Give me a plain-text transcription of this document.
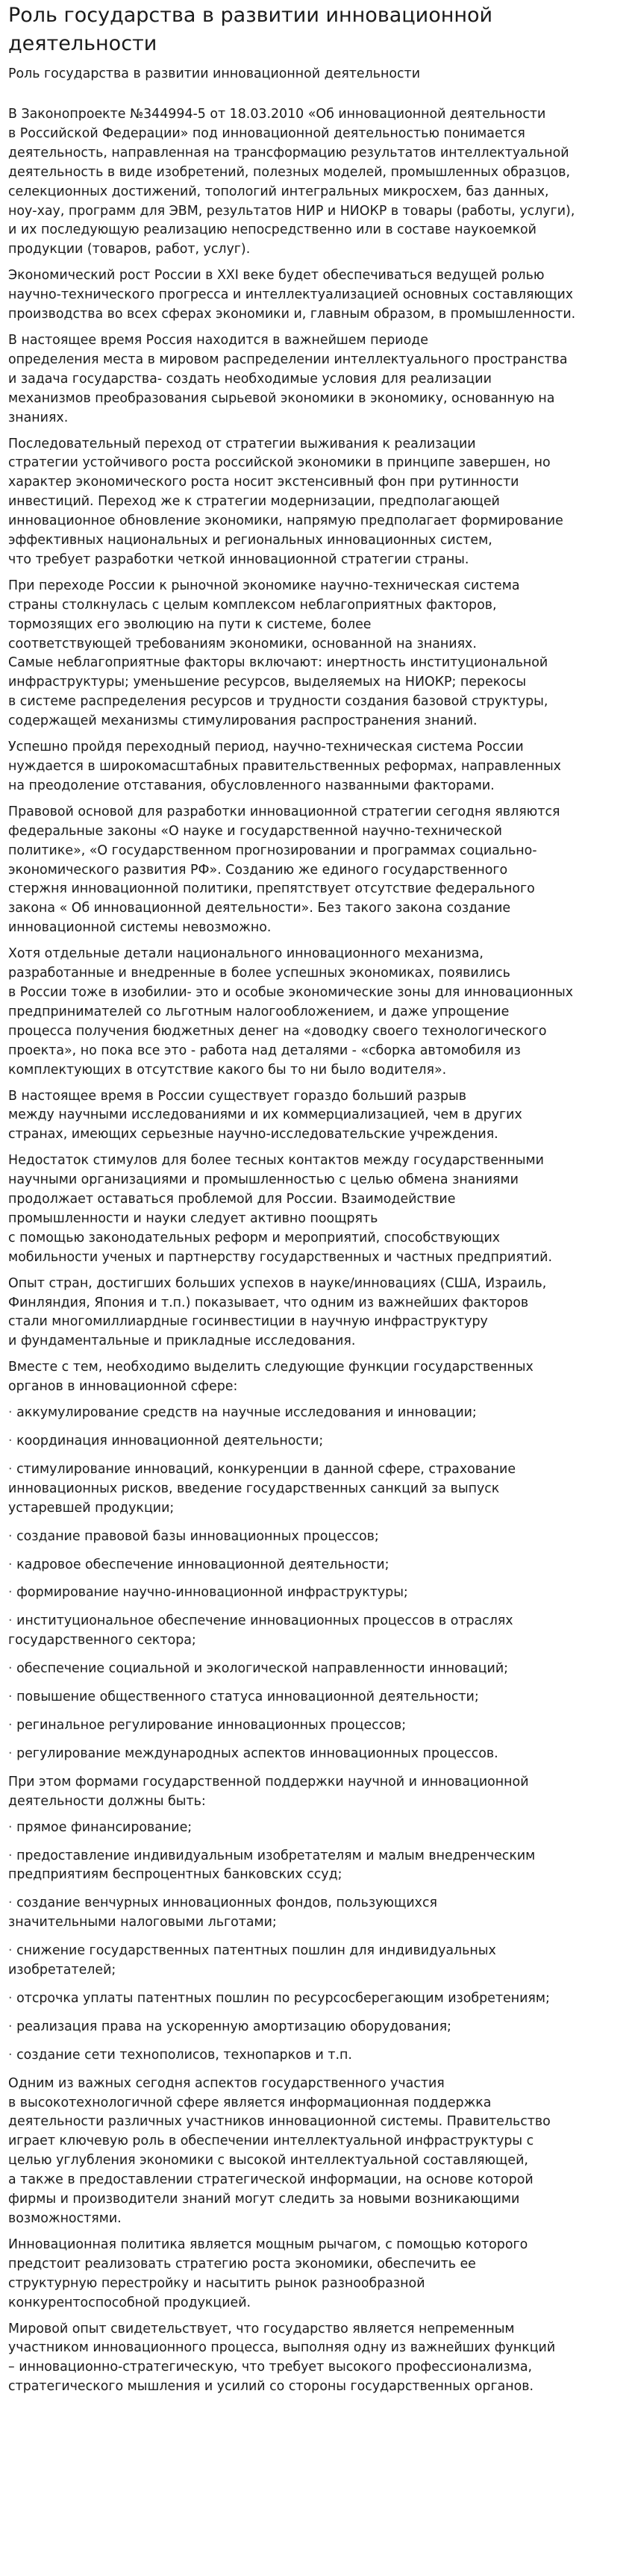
Роль государства в развитии инновационной деятельности
Роль государства в развитии инновационной деятельности

В Законопроекте №344994-5 от 18.03.2010 «Об инновационной деятельности
в Российской Федерации» под инновационной деятельностью понимается
деятельность, направленная на трансформацию результатов интеллектуальной
деятельность в виде изобретений, полезных моделей, промышленных образцов,
селекционных достижений, топологий интегральных микросхем, баз данных,
ноу-хау, программ для ЭВМ, результатов НИР и НИОКР в товары (работы, услуги),
и их последующую реализацию непосредственно или в составе наукоемкой
продукции (товаров, работ, услуг).

Экономический рост России в XXI веке будет обеспечиваться ведущей ролью
научно-технического прогресса и интеллектуализацией основных составляющих
производства во всех сферах экономики и, главным образом, в промышленности.

В настоящее время Россия находится в важнейшем периоде
определения места в мировом распределении интеллектуального пространства
и задача государства- создать необходимые условия для реализации
механизмов преобразования сырьевой экономики в экономику, основанную на
знаниях.

Последовательный переход от стратегии выживания к реализации
стратегии устойчивого роста российской экономики в принципе завершен, но
характер экономического роста носит экстенсивный фон при рутинности
инвестиций. Переход же к стратегии модернизации, предполагающей
инновационное обновление экономики, напрямую предполагает формирование
эффективных национальных и региональных инновационных систем,
что требует разработки четкой инновационной стратегии страны.

При переходе России к рыночной экономике научно-техническая система
страны столкнулась с целым комплексом неблагоприятных факторов,
тормозящих его эволюцию на пути к системе, более
соответствующей требованиям экономики, основанной на знаниях.
Самые неблагоприятные факторы включают: инертность институциональной
инфраструктуры; уменьшение ресурсов, выделяемых на НИОКР; перекосы
в системе распределения ресурсов и трудности создания базовой структуры,
содержащей механизмы стимулирования распространения знаний.

Успешно пройдя переходный период, научно-техническая система России
нуждается в широкомасштабных правительственных реформах, направленных
на преодоление отставания, обусловленного названными факторами.

Правовой основой для разработки инновационной стратегии сегодня являются
федеральные законы «О науке и государственной научно-технической
политике», «О государственном прогнозировании и программах социально-
экономического развития РФ». Созданию же единого государственного
стержня инновационной политики, препятствует отсутствие федерального
закона « Об инновационной деятельности». Без такого закона создание
инновационной системы невозможно.

Хотя отдельные детали национального инновационного механизма,
разработанные и внедренные в более успешных экономиках, появились
в России тоже в изобилии- это и особые экономические зоны для инновационных
предпринимателей со льготным налогообложением, и даже упрощение
процесса получения бюджетных денег на «доводку своего технологического
проекта», но пока все это - работа над деталями - «сборка автомобиля из
комплектующих в отсутствие какого бы то ни было водителя».

В настоящее время в России существует гораздо больший разрыв
между научными исследованиями и их коммерциализацией, чем в других
странах, имеющих серьезные научно-исследовательские учреждения.

Недостаток стимулов для более тесных контактов между государственными
научными организациями и промышленностью с целью обмена знаниями
продолжает оставаться проблемой для России. Взаимодействие
промышленности и науки следует активно поощрять
с помощью законодательных реформ и мероприятий, способствующих
мобильности ученых и партнерству государственных и частных предприятий.

Опыт стран, достигших больших успехов в науке/инновациях (США, Израиль,
Финляндия, Япония и т.п.) показывает, что одним из важнейших факторов
стали многомиллиардные госинвестиции в научную инфраструктуру
и фундаментальные и прикладные исследования.

Вместе с тем, необходимо выделить следующие функции государственных
органов в инновационной сфере:

· аккумулирование средств на научные исследования и инновации;

· координация инновационной деятельности;

· стимулирование инноваций, конкуренции в данной сфере, страхование
инновационных рисков, введение государственных санкций за выпуск
устаревшей продукции;

· создание правовой базы инновационных процессов;

· кадровое обеспечение инновационной деятельности;

· формирование научно-инновационной инфраструктуры;

· институциональное обеспечение инновационных процессов в отраслях
государственного сектора;

· обеспечение социальной и экологической направленности инноваций;

· повышение общественного статуса инновационной деятельности;

· регинальное регулирование инновационных процессов;

· регулирование международных аспектов инновационных процессов.

При этом формами государственной поддержки научной и инновационной
деятельности должны быть:

· прямое финансирование;

· предоставление индивидуальным изобретателям и малым внедренческим
предприятиям беспроцентных банковских ссуд;

· создание венчурных инновационных фондов, пользующихся
значительными налоговыми льготами;

· снижение государственных патентных пошлин для индивидуальных
изобретателей;

· отсрочка уплаты патентных пошлин по ресурсосберегающим изобретениям;

· реализация права на ускоренную амортизацию оборудования;

· создание сети технополисов, технопарков и т.п.

Одним из важных сегодня аспектов государственного участия
в высокотехнологичной сфере является информационная поддержка
деятельности различных участников инновационной системы. Правительство
играет ключевую роль в обеспечении интеллектуальной инфраструктуры с
целью углубления экономики с высокой интеллектуальной составляющей,
а также в предоставлении стратегической информации, на основе которой
фирмы и производители знаний могут следить за новыми возникающими
возможностями.

Инновационная политика является мощным рычагом, с помощью которого
предстоит реализовать стратегию роста экономики, обеспечить ее
структурную перестройку и насытить рынок разнообразной
конкурентоспособной продукцией.

Мировой опыт свидетельствует, что государство является непременным
участником инновационного процесса, выполняя одну из важнейших функций
– инновационно-стратегическую, что требует высокого профессионализма,
стратегического мышления и усилий со стороны государственных органов.
